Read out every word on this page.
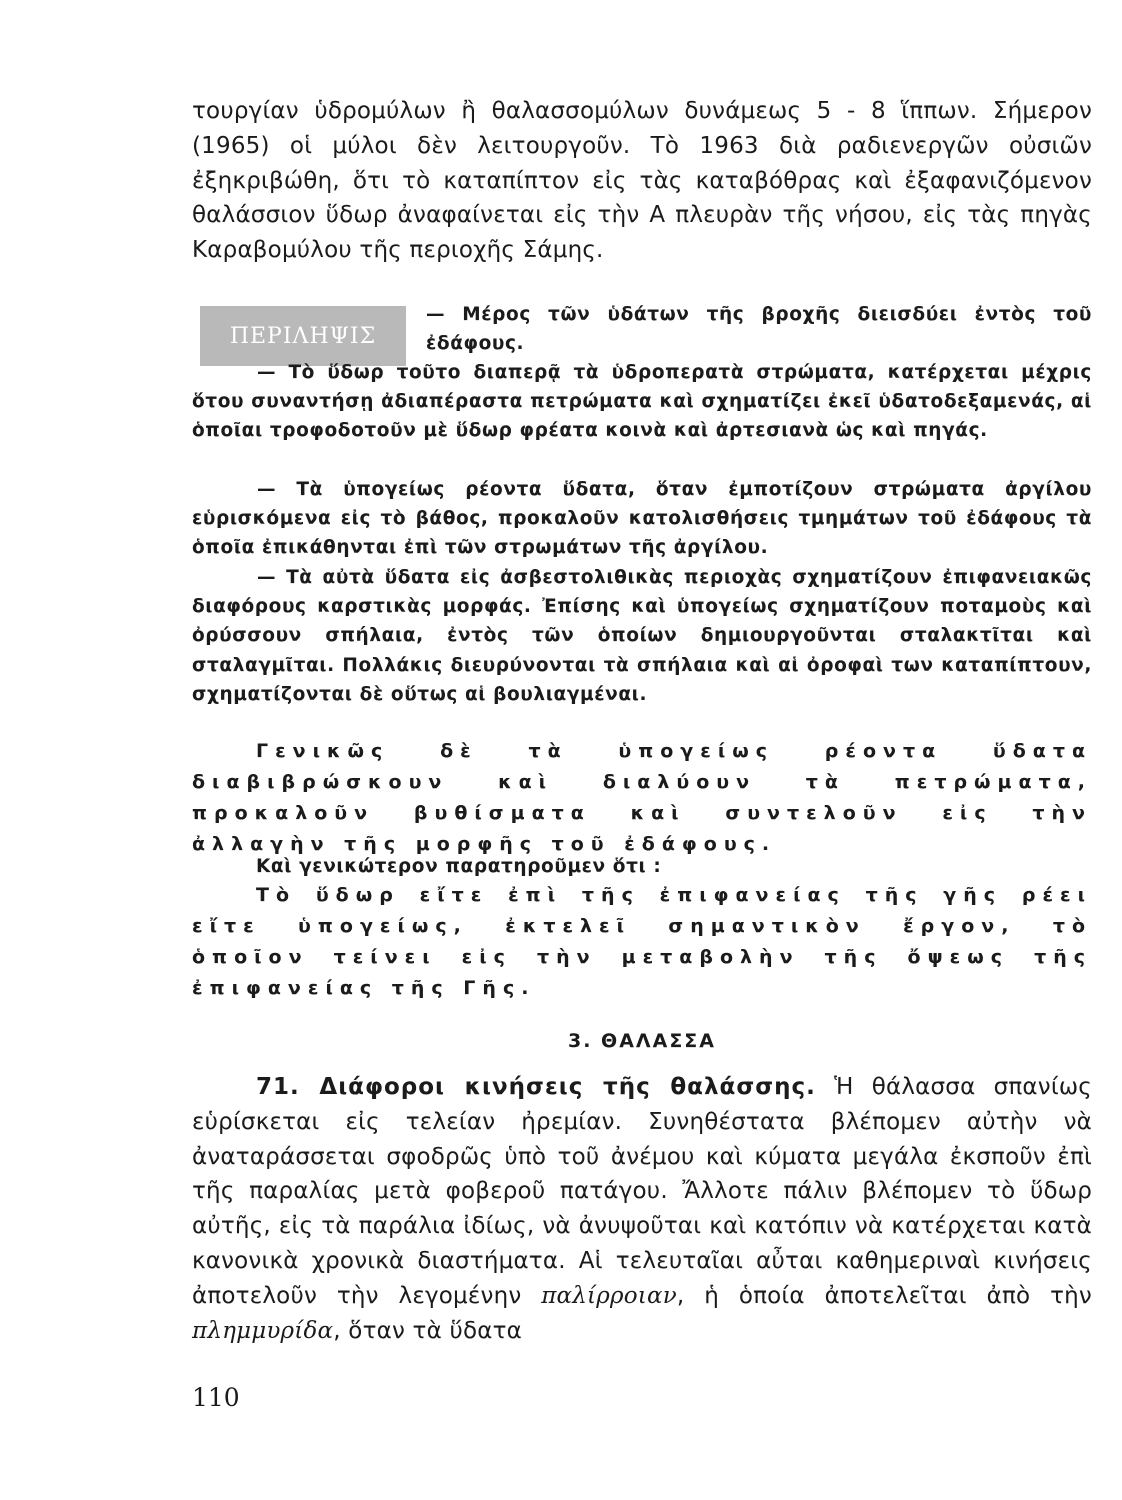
τουργίαν ὑδρομύλων ἢ θαλασσομύλων δυνάμεως 5 - 8 ἵππων. Σήμερον (1965) οἱ μύλοι δὲν λειτουργοῦν. Τὸ 1963 διὰ ραδιενεργῶν οὐσιῶν ἐξηκριβώθη, ὅτι τὸ καταπίπτον εἰς τὰς καταβόθρας καὶ ἐξαφανιζόμενον θαλάσσιον ὕδωρ ἀναφαίνεται εἰς τὴν Α πλευρὰν τῆς νήσου, εἰς τὰς πηγὰς Καραβομύλου τῆς περιοχῆς Σάμης.

ΠΕΡΙΛΗΨΙΣ

— Μέρος τῶν ὑδάτων τῆς βροχῆς διεισδύει ἐντὸς τοῦ ἐδάφους.

— Τὸ ὕδωρ τοῦτο διαπερᾷ τὰ ὑδροπερατὰ στρώματα, κατέρχεται μέχρις ὅτου συναντήσῃ ἀδιαπέραστα πετρώματα καὶ σχηματίζει ἐκεῖ ὑδατοδεξαμενάς, αἱ ὁποῖαι τροφοδοτοῦν μὲ ὕδωρ φρέατα κοινὰ καὶ ἀρτεσιανὰ ὡς καὶ πηγάς.

— Τὰ ὑπογείως ρέοντα ὕδατα, ὅταν ἐμποτίζουν στρώματα ἀργίλου εὑρισκόμενα εἰς τὸ βάθος, προκαλοῦν κατολισθήσεις τμημάτων τοῦ ἐδάφους τὰ ὁποῖα ἐπικάθηνται ἐπὶ τῶν στρωμάτων τῆς ἀργίλου.

— Τὰ αὐτὰ ὕδατα εἰς ἀσβεστολιθικὰς περιοχὰς σχηματίζουν ἐπιφανειακῶς διαφόρους καρστικὰς μορφάς. Ἐπίσης καὶ ὑπογείως σχηματίζουν ποταμοὺς καὶ ὀρύσσουν σπήλαια, ἐντὸς τῶν ὁποίων δημιουργοῦνται σταλακτῖται καὶ σταλαγμῖται. Πολλάκις διευρύνονται τὰ σπήλαια καὶ αἱ ὀροφαὶ των καταπίπτουν, σχηματίζονται δὲ οὕτως αἱ βουλιαγμέναι.

Γενικῶς δὲ τὰ ὑπογείως ρέοντα ὕδατα διαβιβρώσκουν καὶ διαλύουν τὰ πετρώματα, προκαλοῦν βυθίσματα καὶ συντελοῦν εἰς τὴν ἀλλαγὴν τῆς μορφῆς τοῦ ἐδάφους.

Καὶ γενικώτερον παρατηροῦμεν ὅτι :

Τὸ ὕδωρ εἴτε ἐπὶ τῆς ἐπιφανείας τῆς γῆς ρέει εἴτε ὑπογείως, ἐκτελεῖ σημαντικὸν ἔργον, τὸ ὁποῖον τείνει εἰς τὴν μεταβολὴν τῆς ὄψεως τῆς ἐπιφανείας τῆς Γῆς.

3. ΘΑΛΑΣΣΑ

71. Διάφοροι κινήσεις τῆς θαλάσσης. Ἡ θάλασσα σπανίως εὑρίσκεται εἰς τελείαν ἠρεμίαν. Συνηθέστατα βλέπομεν αὐτὴν νὰ ἀναταράσσεται σφοδρῶς ὑπὸ τοῦ ἀνέμου καὶ κύματα μεγάλα ἐκσποῦν ἐπὶ τῆς παραλίας μετὰ φοβεροῦ πατάγου. Ἄλλοτε πάλιν βλέπομεν τὸ ὕδωρ αὐτῆς, εἰς τὰ παράλια ἰδίως, νὰ ἀνυψοῦται καὶ κατόπιν νὰ κατέρχεται κατὰ κανονικὰ χρονικὰ διαστήματα. Αἱ τελευταῖαι αὖται καθημεριναὶ κινήσεις ἀποτελοῦν τὴν λεγομένην παλίρροιαν, ἡ ὁποία ἀποτελεῖται ἀπὸ τὴν πλημμυρίδα, ὅταν τὰ ὕδατα

110
